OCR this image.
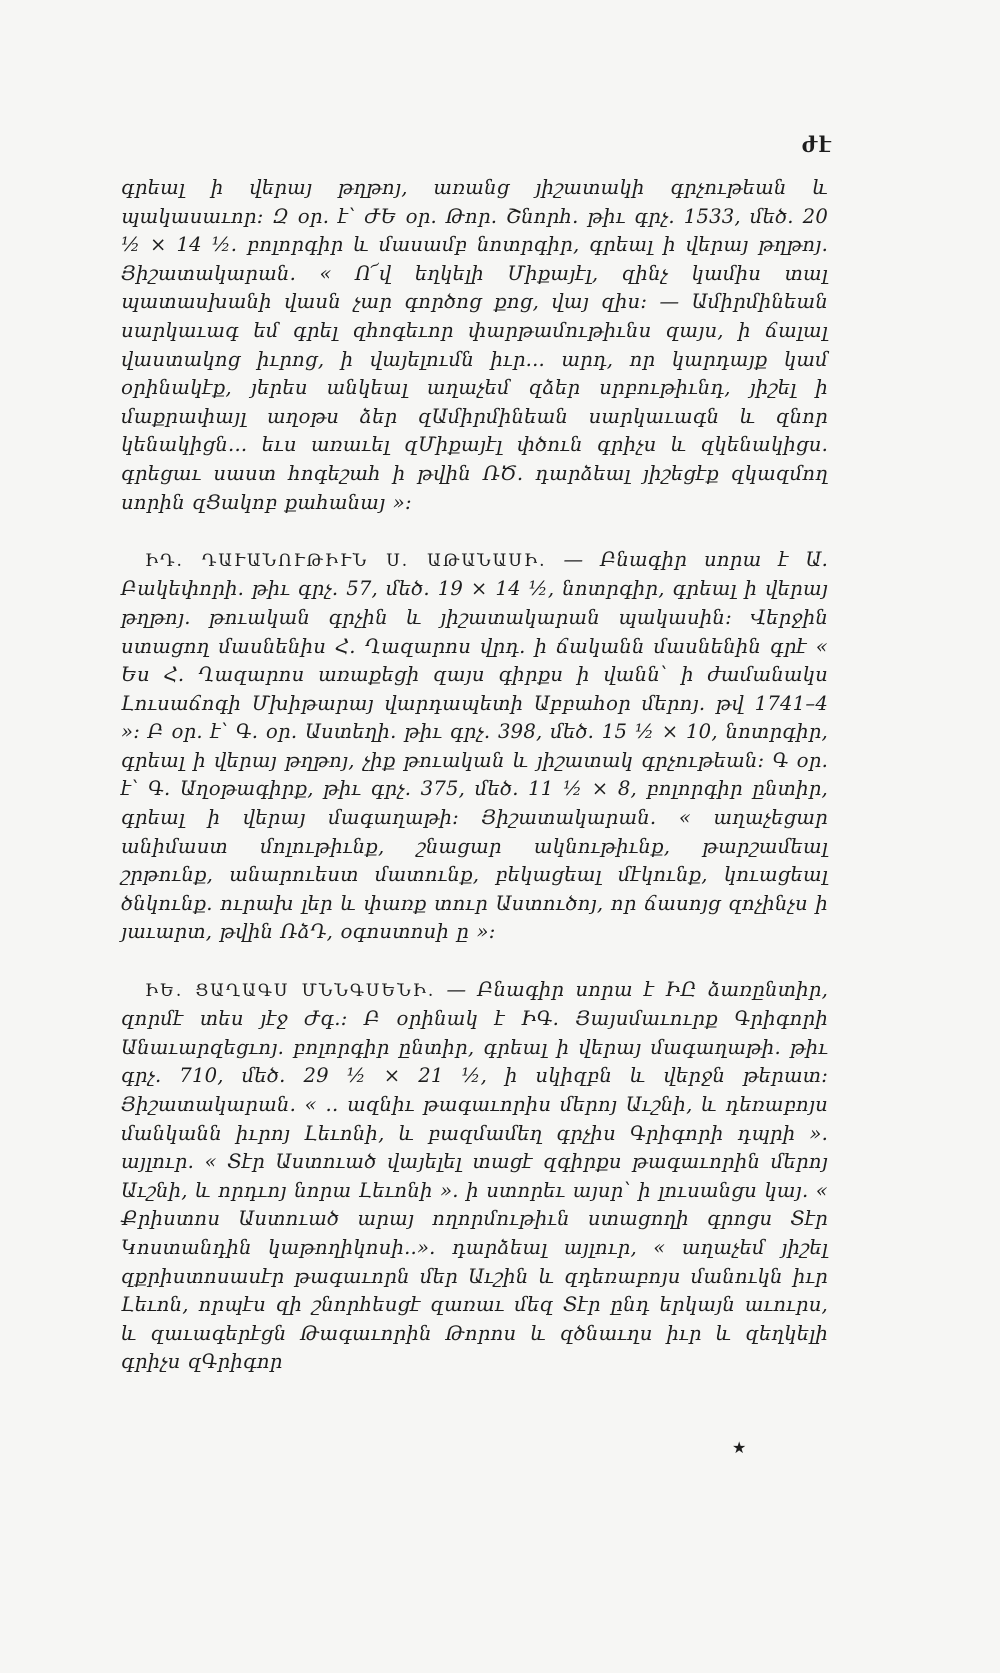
ժէ

գրեալ ի վերայ թղթոյ, առանց յիշատակի գրչութեան և պակասաւոր: Զ օր. է՝ ԺԵ օր. Թոր. Շնորհ. թիւ գրչ. 1533, մեծ. 20 ½ × 14 ½. բոլորգիր և մասամբ նոտրգիր, գրեալ ի վերայ թղթոյ. Յիշատակարան. « Ո՜վ եղկելի Միքայէլ, զինչ կամիս տալ պատասխանի վասն չար գործոց քոց, վայ զիս: — Ամիրմինեան սարկաւագ եմ գրել զհոգեւոր փարթամութիւնս զայս, ի ճալալ վաստակոց իւրոց, ի վայելումն իւր... արդ, որ կարդայք կամ օրինակէք, յերես անկեալ աղաչեմ զձեր սրբութիւնդ, յիշել ի մաքրափայլ աղօթս ձեր զԱմիրմինեան սարկաւագն և զնոր կենակիցն... եւս առաւել զՄիքայէլ փծուն գրիչս և զկենակիցս. գրեցաւ սաստ հոգեշահ ի թվին ՌԾ. դարձեալ յիշեցէք զկազմող սորին զՑակոբ քահանայ »:

ԻԴ. ԴԱՒԱՆՈՒԹԻՒՆ Ս. ԱԹԱՆԱՍԻ. — Բնագիր սորա է Ա. Բակեփորի. թիւ գրչ. 57, մեծ. 19 × 14 ½, նոտրգիր, գրեալ ի վերայ թղթոյ. թուական գրչին և յիշատակարան պակասին: Վերջին ստացող մասնենիս Հ. Ղազարոս վրդ. ի ճականն մասնենին գրէ « Ես Հ. Ղազարոս առաքեցի զայս գիրքս ի վանն՝ ի ժամանակս Լուսաճոգի Մխիթարայ վարդապետի Աբբահօր մերոյ. թվ 1741–4 »: Բ օր. է՝ Գ. օր. Աստեղի. թիւ գրչ. 398, մեծ. 15 ½ × 10, նոտրգիր, գրեալ ի վերայ թղթոյ, չիք թուական և յիշատակ գրչութեան: Գ օր. է՝ Գ. Աղօթագիրք, թիւ գրչ. 375, մեծ. 11 ½ × 8, բոլորգիր ընտիր, գրեալ ի վերայ մագաղաթի: Յիշատակարան. « աղաչեցար անիմաստ մոլութիւնք, շնացար ակնութիւնք, թարշամեալ շրթունք, անարուեստ մատունք, բեկացեալ մէկունք, կուացեալ ծնկունք. ուրախ լեր և փառք տուր Աստուծոյ, որ ճասոյց զոչինչս ի յաւարտ, թվին ՌձԴ, օգոստոսի ը »:

ԻԵ. ՑԱՂԱԳՍ ՄՆՆԳՍԵՆԻ. — Բնագիր սորա է ԻԸ ձառընտիր, զորմէ տես յէջ Ժգ.: Բ օրինակ է ԻԳ. Յայսմաւուրք Գրիգորի Անաւարզեցւոյ. բոլորգիր ընտիր, գրեալ ի վերայ մագաղաթի. թիւ գրչ. 710, մեծ. 29 ½ × 21 ½, ի սկիզբն և վերջն թերատ: Յիշատակարան. « .. ազնիւ թագաւորիս մերոյ Աւշնի, և դեռաբոյս մանկանն իւրոյ Լեւոնի, և բազմամեղ գրչիս Գրիգորի դպրի ». այլուր. « Տէր Աստուած վայելել տացէ զգիրքս թագաւորին մերոյ Աւշնի, և որդւոյ նորա Լեւոնի ». ի ստորեւ այսր՝ ի լուսանցս կայ. « Քրիստոս Աստուած արայ ողորմութիւն ստացողի գրոցս Տէր Կոստանդին կաթողիկոսի..». դարձեալ այլուր, « աղաչեմ յիշել զքրիստոսասէր թագաւորն մեր Աւշին և զդեռաբոյս մանուկն իւր Լեւոն, որպէս զի շնորհեսցէ զառաւ մեզ Տէր ընդ երկայն աւուրս, և զաւագերէցն Թագաւորին Թորոս և զծնաւղս իւր և զեղկելի գրիչս զԳրիգոր

★
